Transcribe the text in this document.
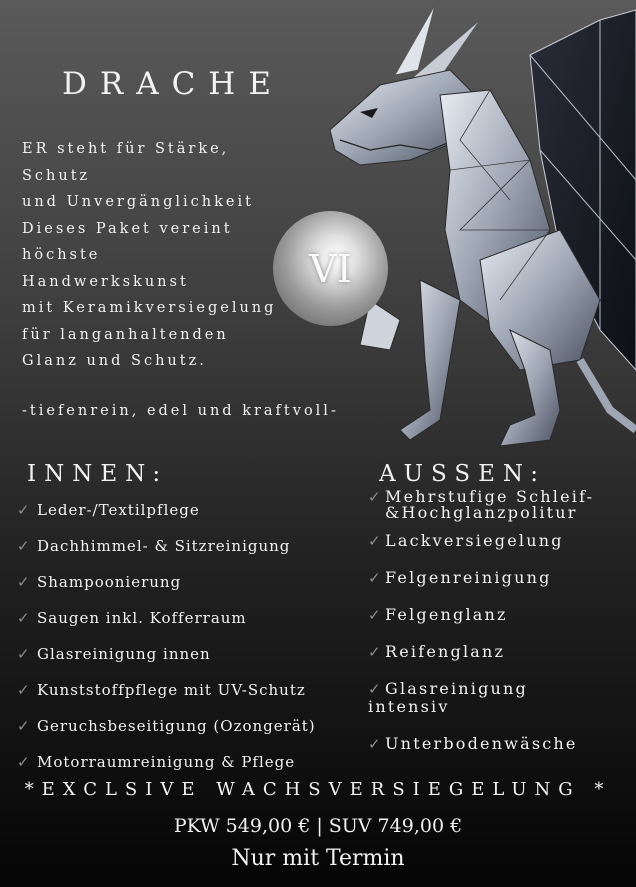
DRACHE
ER steht für Stärke,
Schutz
und Unvergänglichkeit
Dieses Paket vereint
höchste
Handwerkskunst
mit Keramikversiegelung
für langanhaltenden
Glanz und Schutz.
-tiefenrein, edel und kraftvoll-
VI
INNEN:	AUSSEN:
✓ Leder-/Textilpflege
✓ Dachhimmel- & Sitzreinigung
✓ Shampoonierung
✓ Saugen inkl. Kofferraum
✓ Glasreinigung innen
✓ Kunststoffpflege mit UV-Schutz
✓ Geruchsbeseitigung (Ozongerät)
✓ Motorraumreinigung & Pflege
✓ Mehrstufige Schleif-
&Hochglanzpolitur
✓ Lackversiegelung
✓ Felgenreinigung
✓ Felgenglanz
✓ Reifenglanz
✓ Glasreinigung
intensiv
✓ Unterbodenwäsche
*EXCLSIVE WACHSVERSIEGELUNG *
PKW 549,00 € | SUV 749,00 €
Nur mit Termin
